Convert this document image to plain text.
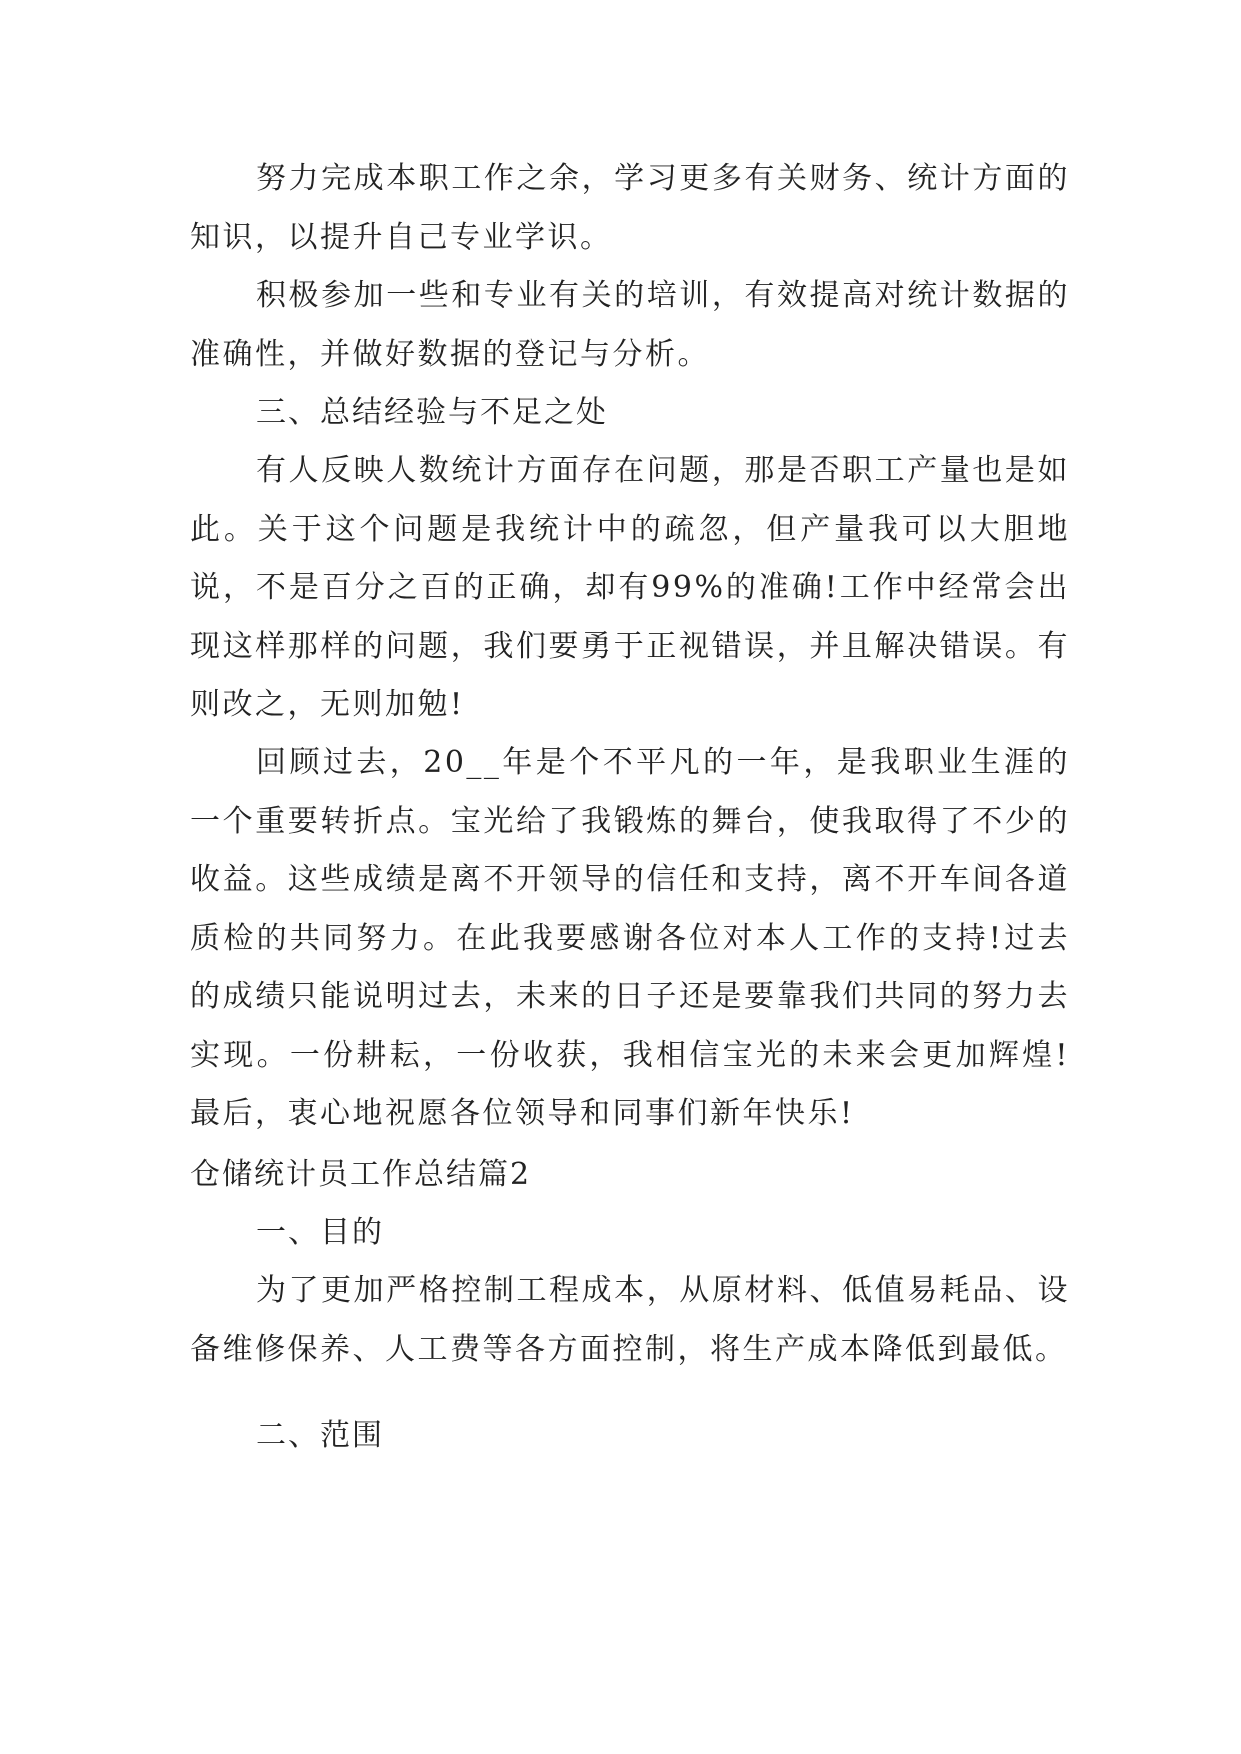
努力完成本职工作之余，学习更多有关财务、统计方面的知识，以提升自己专业学识。

积极参加一些和专业有关的培训，有效提高对统计数据的准确性，并做好数据的登记与分析。

三、总结经验与不足之处

有人反映人数统计方面存在问题，那是否职工产量也是如此。关于这个问题是我统计中的疏忽，但产量我可以大胆地说，不是百分之百的正确，却有99%的准确!工作中经常会出现这样那样的问题，我们要勇于正视错误，并且解决错误。有则改之，无则加勉!

回顾过去，20__年是个不平凡的一年，是我职业生涯的一个重要转折点。宝光给了我锻炼的舞台，使我取得了不少的收益。这些成绩是离不开领导的信任和支持，离不开车间各道质检的共同努力。在此我要感谢各位对本人工作的支持!过去的成绩只能说明过去，未来的日子还是要靠我们共同的努力去实现。一份耕耘，一份收获，我相信宝光的未来会更加辉煌!最后，衷心地祝愿各位领导和同事们新年快乐!

仓储统计员工作总结篇2

一、目的

为了更加严格控制工程成本，从原材料、低值易耗品、设备维修保养、人工费等各方面控制，将生产成本降低到最低。

二、范围
